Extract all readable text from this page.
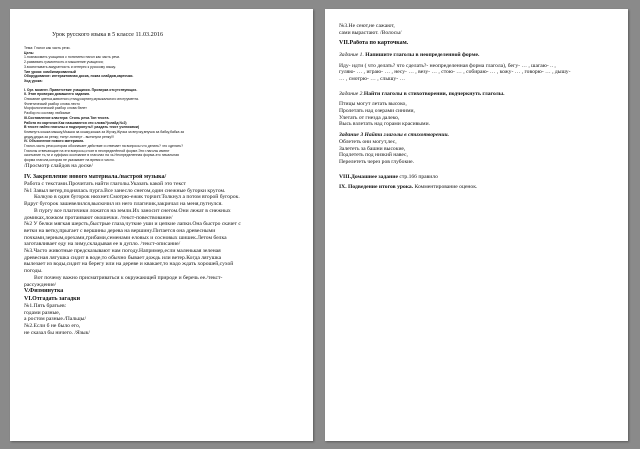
Урок русского языка в 5 классе 11.03.2016

Тема: Глагол как часть речи.

Цель:

1.познакомить учащихся с понятием глагол как часть речи.

2.развивать грамотность и мышление учащихся;

3.воспитывать аккуратность и интерес к русскому языку.

Тип урока: комбинированный

Оборудование: интерактивная доска, показ слайдов,карточки.

Ход урока:

I. Орг. момент. Приветствие учащихся. Проверка отсутствующих.

II. Этап проверки домашнего задания.

Описание цветка,животного,птицу,картину,музыкального инструмента.

Фонетический разбор слова лесто

Морфологический разбор слова белет

Разбор по составу любимые

III.Составление кластера: Стиль речи.Тип текста.

Работа по карточке.Как называются эти слова?(слайд №2)

В тексте найти глаголы и подчеркнуть!! раздать текст учениками)

Климнуть кошка мышку,Мышка за кошку,кошка за Жучку,Жучка за внучку,внучка за бабку,бабка за

дедку,дедка за репку; тянут-потянут - вытянули репку!!!

IV. Объяснение нового материала.

Глагол-часть речи,которая обозначает действие и отвечает на вопросы что делать? что сделать?

Глаголы отвечающие на эти вопросы,стоят в неопределённой форме.Эти глаголы имеют

окончание ть,ти и суффикс окончание в глаголах на чь.Неопределенная форма-это начальная

форма глагола,которая не указывает на время и число.

/Просмотр слайдов на доске/

IV. Закрепление нового материала./настрой музыка/

Работа с текстами.Прочитать найти глаголы.Указать какой это текст

№1 Завыл ветер,поднялась пурга.Все занесло снегом,один снежные бугорки кругом.

Колкую в один бугорок нюхнет.Смотрю-ежик торчит.Толкнул а потом второй бугорок.

Вдруг бугорок зашевелился,выскочил из него плагичик,закричал на меня,пугнулся.

В пургу все плагичики ложатся на земли.Их заносит снегом.Они лежат в снежных

домиках,ложком протаивают окошечки. /текст-повествование/

№2 У белки мягкая шерсть,быстрые глаза,чуткие уши и цепкие лапки.Она быстро скачет с

ветки на ветку,прыгает с вершины дерева на вершину.Питается она древесными

почками,зерным,орехами,грибами,семенами еловых и сосновых шишек.Летом белка

заготавливает еду на зиму,складывая ее в дупло. /текст-описание/

№3.Часто животные предсказывают нам погоду.Например,если маленькая зеленая

древесная лягушка сидит в воде,то обычно бывает дождь или ветер.Когда лягушка

вылезает из воды,сидит на берегу или на дереве и квакает,то надо ждать хорошей,сухой

погоды.

Вот почему важно присматриваться к окружающей природе и беречь ее./текст-

рассуждение/

V.Физминутка

VI.Отгадать загадки

№1.Пять братьев:

годами разные,

а ростом разные./Пальцы/

№2.Если б не было его,

не сказал бы ничего. /Язык/

№3.Не сеют,не сажают,

сами вырастают. /Волосы/

VII.Работа по карточкам.

Задание 1. Напишите глаголы в неопределенной форме.

Иду- идти ( что делать? что сделать?- неопределенная форма глагола), бегу- … , шагаю- .. ,

гуляю- … , играю- … , несу- … , везу- … , стою- … , собираю- … , кожу- … , говорю- … , дышу-

… , смотрю- … , слышу- …

Задание 2.Найти глаголы в стихотворении, подчеркнуть глаголы.

Птицы могут летать высоко,

Пролетать над озерами синими,

Улетать от гнезда далеко,

Высь взлетать над горами красивыми.

Задание 3 Найти глаголы в стихотворении.

Облететь они могут,лес,

Залететь за башни высокие,

Подлететь под низкий навес,

Перелететь через ров глубокие.

VIII.Домашнее задание стр.166 правило

IX. Подведение итогов урока. Комментирование оценок.
